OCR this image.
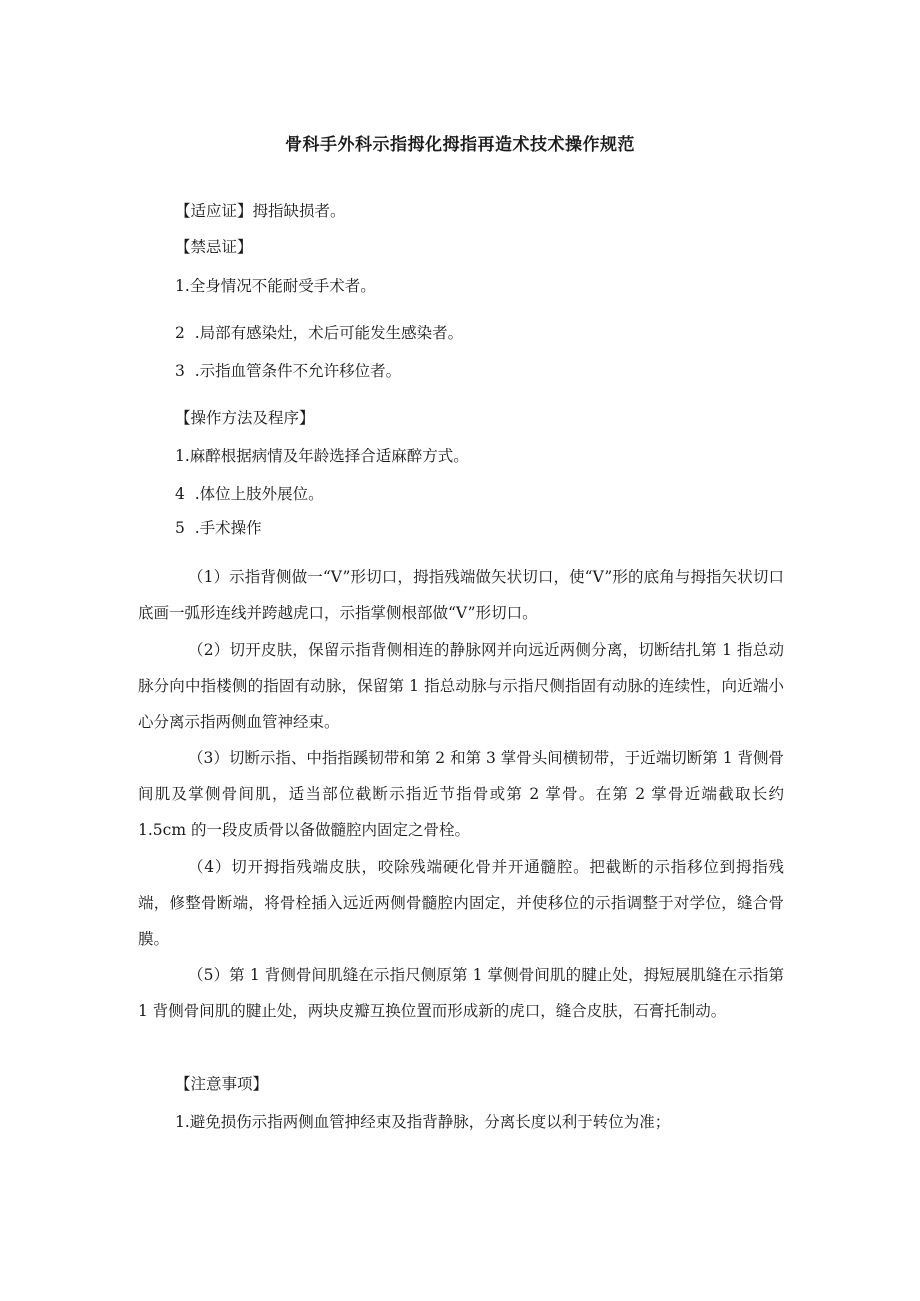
骨科手外科示指拇化拇指再造术技术操作规范
【适应证】拇指缺损者。
【禁忌证】
1.全身情况不能耐受手术者。
2  .局部有感染灶，术后可能发生感染者。
3  .示指血管条件不允许移位者。
【操作方法及程序】
1.麻醉根据病情及年龄选择合适麻醉方式。
4  .体位上肢外展位。
5  .手术操作

（1）示指背侧做一“V”形切口，拇指残端做矢状切口，使“V”形的底角与拇指矢状切口底画一弧形连线并跨越虎口，示指掌侧根部做“V”形切口。

（2）切开皮肤，保留示指背侧相连的静脉网并向远近两侧分离，切断结扎第 1 指总动脉分向中指楼侧的指固有动脉，保留第 1 指总动脉与示指尺侧指固有动脉的连续性，向近端小心分离示指两侧血管神经束。

（3）切断示指、中指指蹊韧带和第 2 和第 3 掌骨头间横韧带，于近端切断第 1 背侧骨间肌及掌侧骨间肌，适当部位截断示指近节指骨或第 2 掌骨。在第 2 掌骨近端截取长约 1.5cm 的一段皮质骨以备做髓腔内固定之骨栓。

（4）切开拇指残端皮肤，咬除残端硬化骨并开通髓腔。把截断的示指移位到拇指残端，修整骨断端，将骨栓插入远近两侧骨髓腔内固定，并使移位的示指调整于对学位，缝合骨膜。

（5）第 1 背侧骨间肌缝在示指尺侧原第 1 掌侧骨间肌的腱止处，拇短展肌缝在示指第 1 背侧骨间肌的腱止处，两块皮瓣互换位置而形成新的虎口，缝合皮肤，石膏托制动。

【注意事项】
1.避免损伤示指两侧血管抻经束及指背静脉，分离长度以利于转位为准；
